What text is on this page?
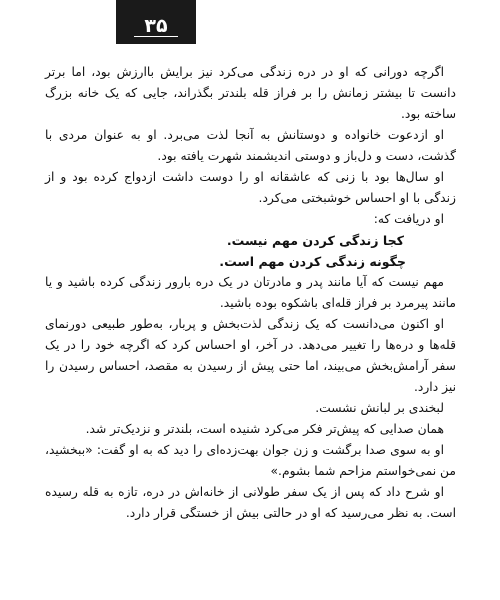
۳۵

اگرچه دورانی که او در دره زندگی می‌کرد نیز برایش باارزش بود، اما برتر دانست تا بیشتر زمانش را بر فراز قله بلندتر بگذراند، جایی که یک خانه بزرگ ساخته بود.

او ازدعوت خانواده و دوستانش به آنجا لذت می‌برد. او به عنوان مردی با گذشت، دست و دل‌باز و دوستی اندیشمند شهرت یافته بود.

او سال‌ها بود با زنی که عاشقانه او را دوست داشت ازدواج کرده بود و از زندگی با او احساس خوشبختی می‌کرد.

او دریافت که:

کجا زندگی کردن مهم نیست.

چگونه زندگی کردن مهم است.

مهم نیست که آیا مانند پدر و مادرتان در یک دره بارور زندگی کرده باشید و یا مانند پیرمرد بر فراز قله‌ای باشکوه بوده باشید.

او اکنون می‌دانست که یک زندگی لذت‌بخش و پربار، به‌طور طبیعی دورنمای قله‌ها و دره‌ها را تغییر می‌دهد. در آخر، او احساس کرد که اگرچه خود را در یک سفر آرامش‌بخش می‌بیند، اما حتی پیش از رسیدن به مقصد، احساس رسیدن را نیز دارد.

لبخندی بر لبانش نشست.

همان صدایی که پیش‌تر فکر می‌کرد شنیده است، بلندتر و نزدیک‌تر شد.

او به سوی صدا برگشت و زن جوان بهت‌زده‌ای را دید که به او گفت: «ببخشید، من نمی‌خواستم مزاحم شما بشوم.»

او شرح داد که پس از یک سفر طولانی از خانه‌اش در دره، تازه به قله رسیده است. به نظر می‌رسید که او در حالتی بیش از خستگی قرار دارد.
